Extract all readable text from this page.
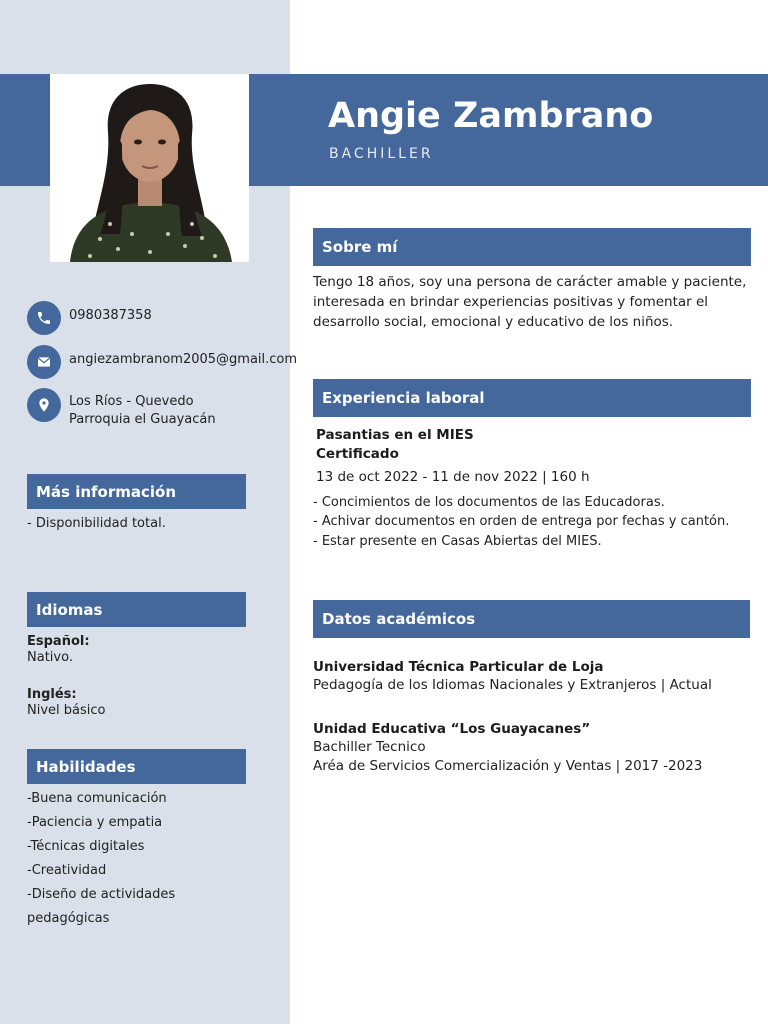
Angie Zambrano
BACHILLER
0980387358
angiezambranom2005@gmail.com
Los Ríos - Quevedo
Parroquia el Guayacán
Más información
- Disponibilidad total.
Idiomas
Español:
Nativo.
Inglés:
Nivel básico
Habilidades
-Buena comunicación
-Paciencia y empatia
-Técnicas digitales
-Creatividad
-Diseño de actividades
pedagógicas
Sobre mí
Tengo 18 años, soy una persona de carácter amable y paciente, interesada en brindar experiencias positivas y fomentar el desarrollo social, emocional y educativo de los niños.
Experiencia laboral
Pasantias en el MIES
Certificado
13 de oct 2022 - 11 de nov 2022 | 160 h
- Concimientos de los documentos de las Educadoras.
- Achivar documentos en orden de entrega por fechas y cantón.
- Estar presente en Casas Abiertas del MIES.
Datos académicos
Universidad Técnica Particular de Loja
Pedagogía de los Idiomas Nacionales y Extranjeros | Actual
Unidad Educativa “Los Guayacanes”
Bachiller Tecnico
Aréa de Servicios Comercialización y Ventas | 2017 -2023
